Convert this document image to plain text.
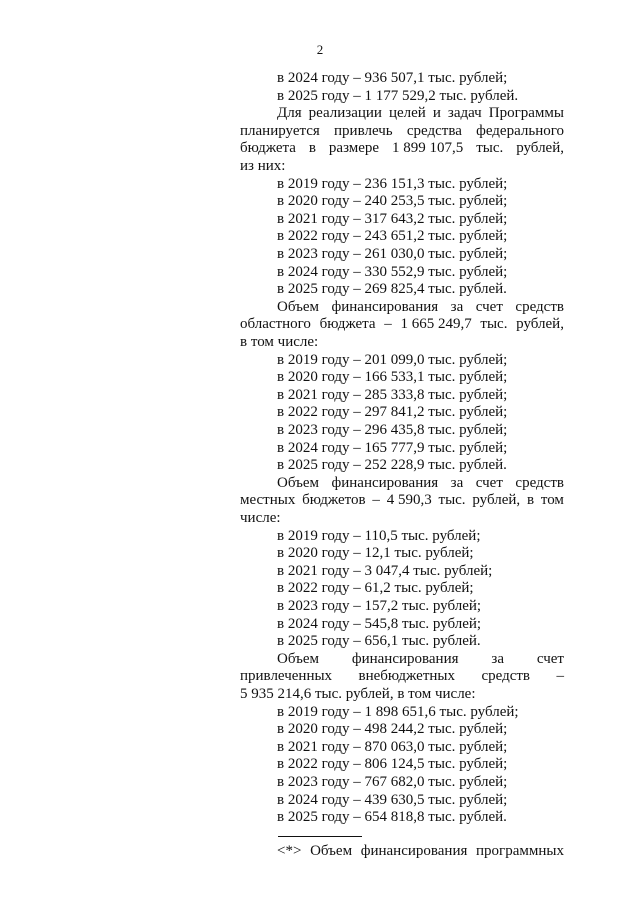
2
в 2024 году – 936 507,1 тыс. рублей;
в 2025 году – 1 177 529,2 тыс. рублей.
Для реализации целей и задач Программы
планируется привлечь средства федерального
бюджета в размере 1 899 107,5 тыс. рублей,
из них:
в 2019 году – 236 151,3 тыс. рублей;
в 2020 году – 240 253,5 тыс. рублей;
в 2021 году – 317 643,2 тыс. рублей;
в 2022 году – 243 651,2 тыс. рублей;
в 2023 году – 261 030,0 тыс. рублей;
в 2024 году – 330 552,9 тыс. рублей;
в 2025 году – 269 825,4 тыс. рублей.
Объем финансирования за счет средств
областного бюджета – 1 665 249,7 тыс. рублей,
в том числе:
в 2019 году – 201 099,0 тыс. рублей;
в 2020 году – 166 533,1 тыс. рублей;
в 2021 году – 285 333,8 тыс. рублей;
в 2022 году – 297 841,2 тыс. рублей;
в 2023 году – 296 435,8 тыс. рублей;
в 2024 году – 165 777,9 тыс. рублей;
в 2025 году – 252 228,9 тыс. рублей.
Объем финансирования за счет средств
местных бюджетов – 4 590,3 тыс. рублей, в том
числе:
в 2019 году – 110,5 тыс. рублей;
в 2020 году – 12,1 тыс. рублей;
в 2021 году – 3 047,4 тыс. рублей;
в 2022 году – 61,2 тыс. рублей;
в 2023 году – 157,2 тыс. рублей;
в 2024 году – 545,8 тыс. рублей;
в 2025 году – 656,1 тыс. рублей.
Объем финансирования за счет
привлеченных внебюджетных средств –
5 935 214,6 тыс. рублей, в том числе:
в 2019 году – 1 898 651,6 тыс. рублей;
в 2020 году – 498 244,2 тыс. рублей;
в 2021 году – 870 063,0 тыс. рублей;
в 2022 году – 806 124,5 тыс. рублей;
в 2023 году – 767 682,0 тыс. рублей;
в 2024 году – 439 630,5 тыс. рублей;
в 2025 году – 654 818,8 тыс. рублей.
<*> Объем финансирования программных
